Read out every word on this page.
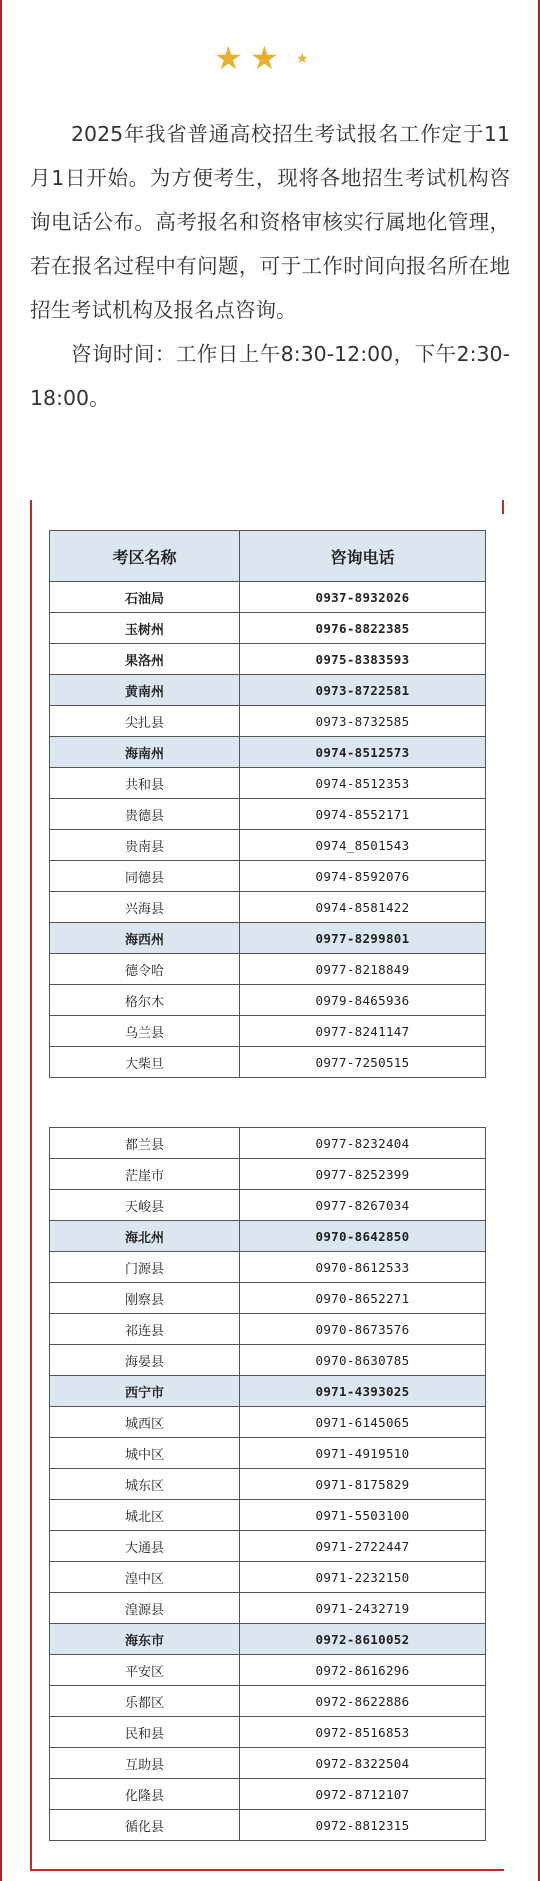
★ ★ ★

2025年我省普通高校招生考试报名工作定于11月1日开始。为方便考生，现将各地招生考试机构咨询电话公布。高考报名和资格审核实行属地化管理，若在报名过程中有问题，可于工作时间向报名所在地招生考试机构及报名点咨询。

咨询时间：工作日上午8:30-12:00，下午2:30-18:00。

考区名称	咨询电话
石油局	0937-8932026
玉树州	0976-8822385
果洛州	0975-8383593
黄南州	0973-8722581
尖扎县	0973-8732585
海南州	0974-8512573
共和县	0974-8512353
贵德县	0974-8552171
贵南县	0974_8501543
同德县	0974-8592076
兴海县	0974-8581422
海西州	0977-8299801
德令哈	0977-8218849
格尔木	0979-8465936
乌兰县	0977-8241147
大柴旦	0977-7250515
都兰县	0977-8232404
茫崖市	0977-8252399
天峻县	0977-8267034
海北州	0970-8642850
门源县	0970-8612533
刚察县	0970-8652271
祁连县	0970-8673576
海晏县	0970-8630785
西宁市	0971-4393025
城西区	0971-6145065
城中区	0971-4919510
城东区	0971-8175829
城北区	0971-5503100
大通县	0971-2722447
湟中区	0971-2232150
湟源县	0971-2432719
海东市	0972-8610052
平安区	0972-8616296
乐都区	0972-8622886
民和县	0972-8516853
互助县	0972-8322504
化隆县	0972-8712107
循化县	0972-8812315
